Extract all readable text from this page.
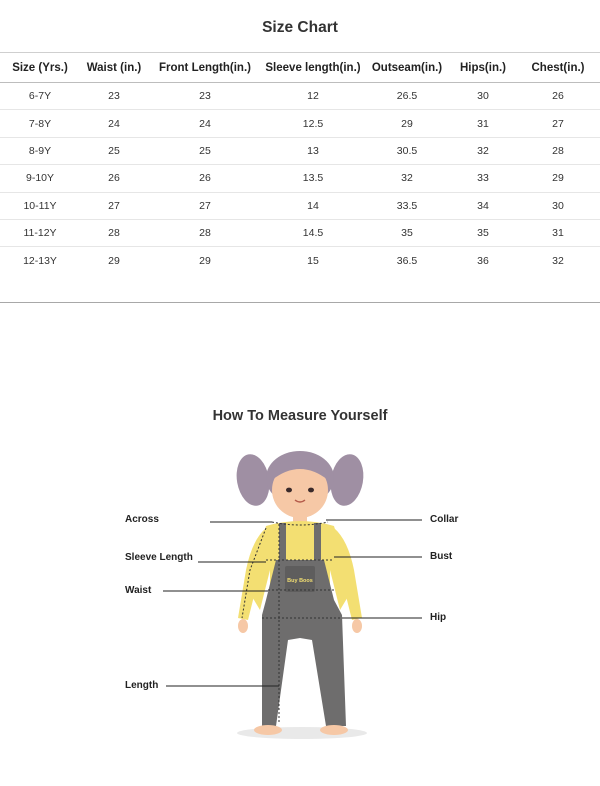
Size Chart
Size (Yrs.)	Waist (in.)	Front Length(in.)	Sleeve length(in.)	Outseam(in.)	Hips(in.)	Chest(in.)
6-7Y	23	23	12	26.5	30	26
7-8Y	24	24	12.5	29	31	27
8-9Y	25	25	13	30.5	32	28
9-10Y	26	26	13.5	32	33	29
10-11Y	27	27	14	33.5	34	30
11-12Y	28	28	14.5	35	35	31
12-13Y	29	29	15	36.5	36	32
How To Measure Yourself
Buy Boos
Across
Sleeve Length
Waist
Length
Collar
Bust
Hip
